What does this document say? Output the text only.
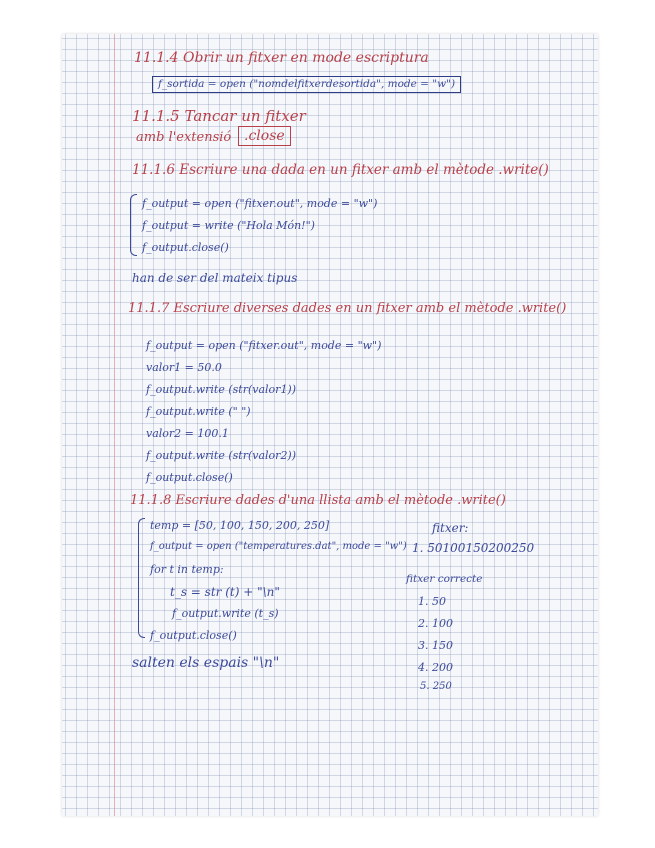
11.1.4 Obrir un fitxer en mode escriptura
f_sortida = open ("nomdelfitxerdesortida", mode = "w")
11.1.5 Tancar un fitxer
amb l'extensió .close
11.1.6 Escriure una dada en un fitxer amb el mètode .write()
f_output = open ("fitxer.out", mode = "w")
f_output = write ("Hola Món!")
f_output.close()
han de ser del mateix tipus
11.1.7 Escriure diverses dades en un fitxer amb el mètode .write()
f_output = open ("fitxer.out", mode = "w")
valor1 = 50.0
f_output.write (str(valor1))
f_output.write (" ")
valor2 = 100.1
f_output.write (str(valor2))
f_output.close()
11.1.8 Escriure dades d'una llista amb el mètode .write()
temp = [50, 100, 150, 200, 250]
f_output = open ("temperatures.dat", mode = "w")
for t in temp:
t_s = str (t) + "\n"
f_output.write (t_s)
f_output.close()
salten els espais "\n"
fitxer:
1. 50100150200250
fitxer correcte
1. 50
2. 100
3. 150
4. 200
5. 250
